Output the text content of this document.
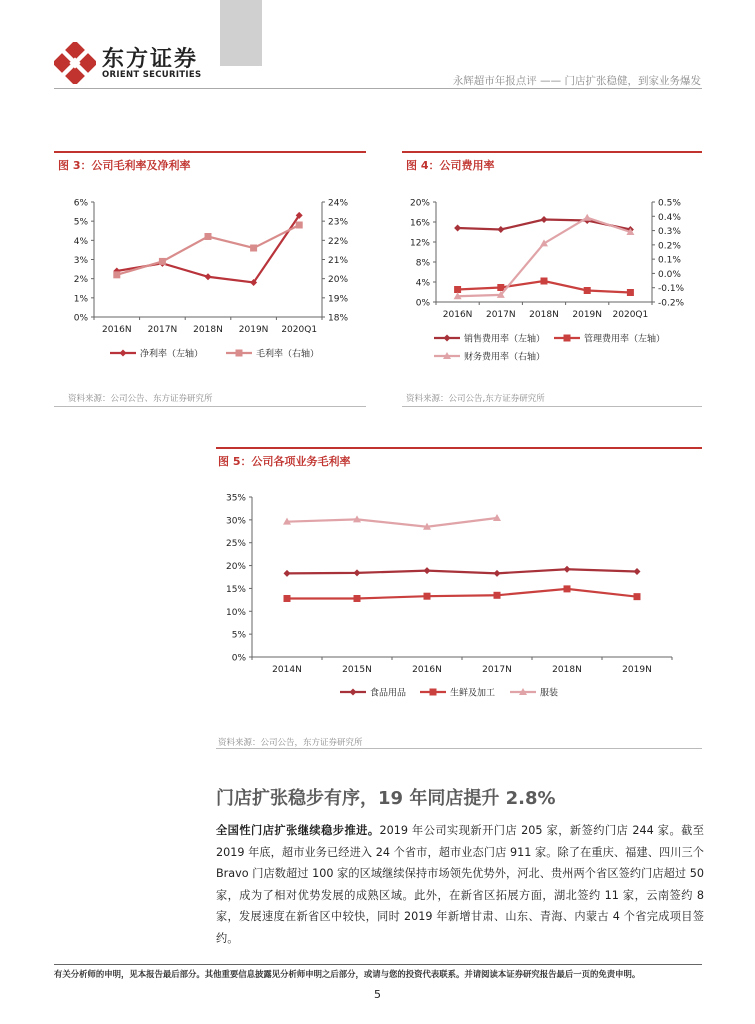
东方证券
ORIENT SECURITIES	永辉超市年报点评 —— 门店扩张稳健，到家业务爆发
图 3：公司毛利率及净利率
0%
1%
2%
3%
4%
5%
6%
18%
19%
20%
21%
22%
23%
24%
2016N 2017N 2018N 2019N 2020Q1
净利率（左轴）	毛利率（右轴）
资料来源：公司公告、东方证券研究所
图 4：公司费用率
0%
4%
8%
12%
16%
20%
-0.2%
-0.1%
0.0%
0.1%
0.2%
0.3%
0.4%
0.5%
2016N 2017N 2018N 2019N 2020Q1
销售费用率（左轴）	管理费用率（左轴）
财务费用率（右轴）
资料来源：公司公告,东方证券研究所
图 5：公司各项业务毛利率
0%
5%
10%
15%
20%
25%
30%
35%
2014N	2015N	2016N	2017N	2018N	2019N
食品用品	生鲜及加工	服装
资料来源：公司公告，东方证券研究所
门店扩张稳步有序，19 年同店提升 2.8%
全国性门店扩张继续稳步推进。2019 年公司实现新开门店 205 家，新签约门店 244 家。截至 2019 年底，超市业务已经进入 24 个省市，超市业态门店 911 家。除了在重庆、福建、四川三个 Bravo 门店数超过 100 家的区域继续保持市场领先优势外，河北、贵州两个省区签约门店超过 50 家，成为了相对优势发展的成熟区域。此外，在新省区拓展方面，湖北签约 11 家，云南签约 8 家，发展速度在新省区中较快，同时 2019 年新增甘肃、山东、青海、内蒙古 4 个省完成项目签约。
有关分析师的申明，见本报告最后部分。其他重要信息披露见分析师申明之后部分，或请与您的投资代表联系。并请阅读本证券研究报告最后一页的免责申明。
5
